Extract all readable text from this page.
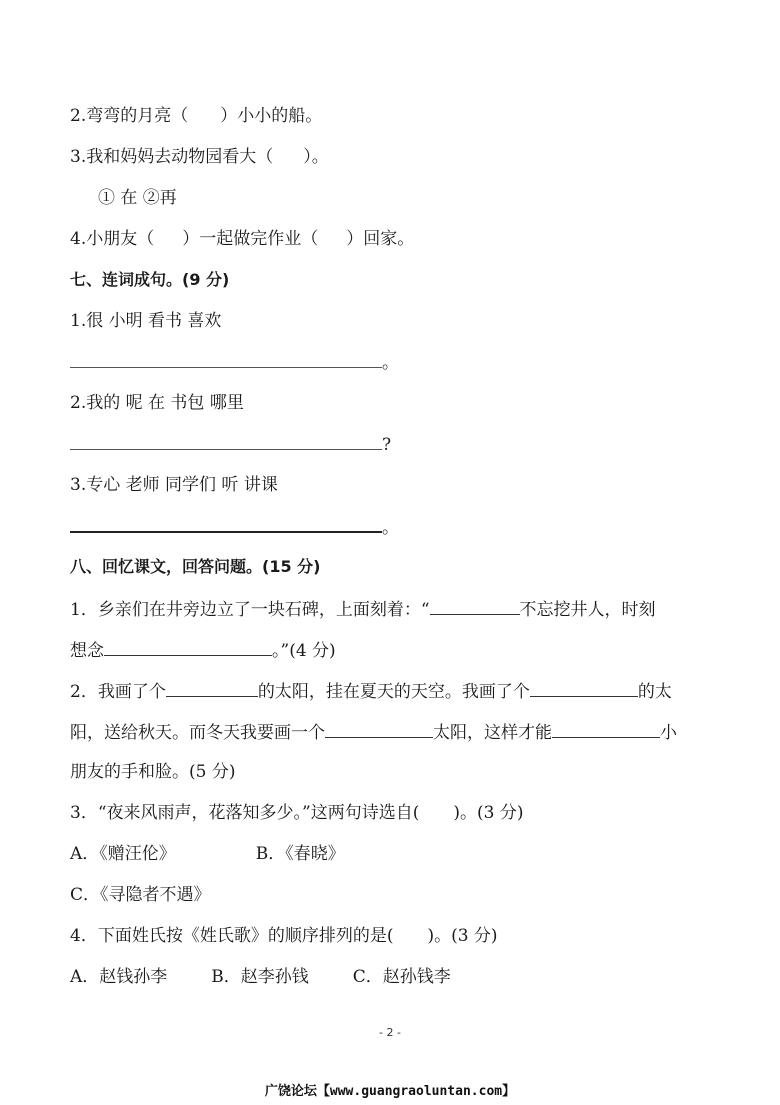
2.弯弯的月亮（ ）小小的船。
3.我和妈妈去动物园看大（ ）。
① 在 ②再
4.小朋友（ ）一起做完作业（ ）回家。
七、连词成句。(9 分)
1.很 小明 看书 喜欢
。
2.我的 呢 在 书包 哪里
?
3.专心 老师 同学们 听 讲课
。
八、回忆课文，回答问题。(15 分)
1．乡亲们在井旁边立了一块石碑，上面刻着：“	不忘挖井人，时刻
想念	。”(4 分)
2．我画了个	的太阳，挂在夏天的天空。我画了个	的太
阳，送给秋天。而冬天我要画一个	太阳，这样才能	小
朋友的手和脸。(5 分)
3．“夜来风雨声，花落知多少。”这两句诗选自(　　)。(3 分)
A．《赠汪伦》	B．《春晓》
C．《寻隐者不遇》
4．下面姓氏按《姓氏歌》的顺序排列的是(　　)。(3 分)
A．赵钱孙李	B．赵李孙钱	C．赵孙钱李
- 2 -
广饶论坛【www.guangraoluntan.com】
